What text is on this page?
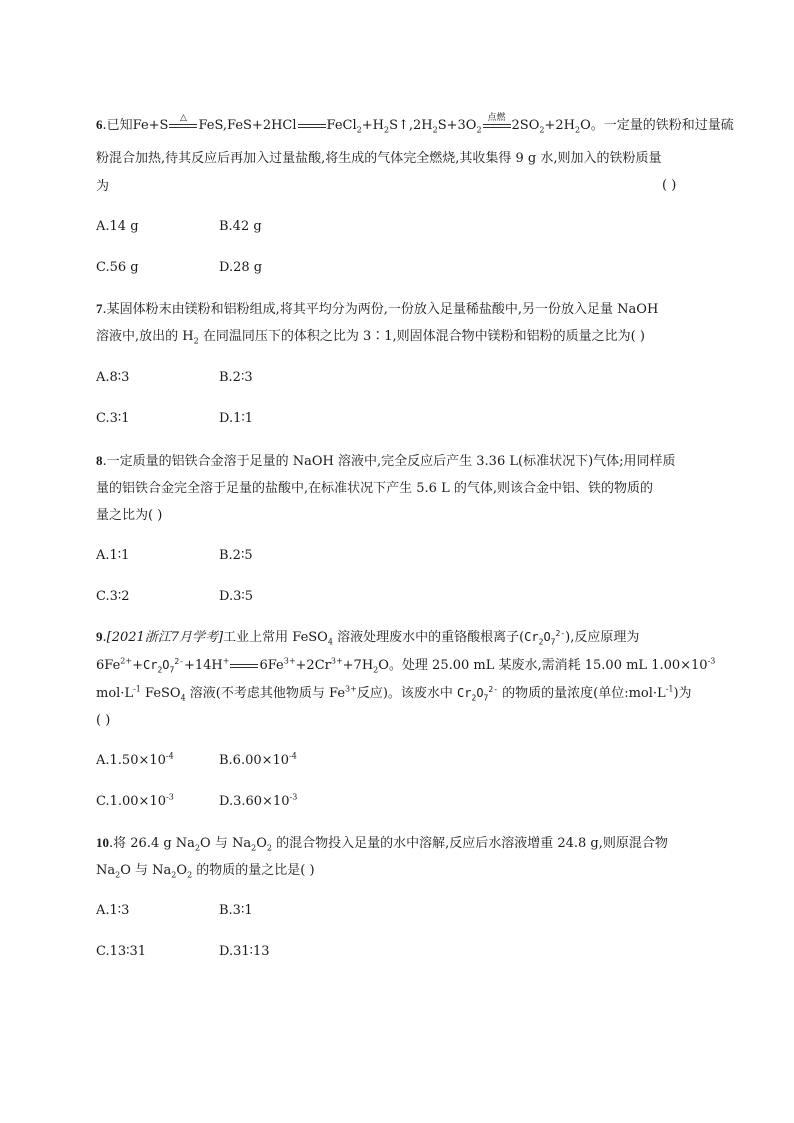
6.已知Fe+S
△
FeS,FeS+2HCl $FeCl_2+H_2S↑,2H_2S+3O_2$
点燃
$2SO_2+2H_2O$。一定量的铁粉和过量硫
粉混合加热,待其反应后再加入过量盐酸,将生成的气体完全燃烧,其收集得 9 g 水,则加入的铁粉质量
为	( )
A.14 g	B.42 g
C.56 g	D.28 g
7.某固体粉末由镁粉和铝粉组成,将其平均分为两份,一份放入足量稀盐酸中,另一份放入足量 NaOH
溶液中,放出的 $H_2$ 在同温同压下的体积之比为 3∶1,则固体混合物中镁粉和铝粉的质量之比为( )
A.8∶3	B.2∶3
C.3∶1	D.1∶1
8.一定质量的铝铁合金溶于足量的 NaOH 溶液中,完全反应后产生 3.36 L(标准状况下)气体;用同样质
量的铝铁合金完全溶于足量的盐酸中,在标准状况下产生 5.6 L 的气体,则该合金中铝、铁的物质的
量之比为( )
A.1∶1	B.2∶5
C.3∶2	D.3∶5
9.[2021浙江7月学考]工业上常用 FeSO$_4$ 溶液处理废水中的重铬酸根离子$(Cr_2O_7^{2-})$,反应原理为
$6Fe^{2+}+Cr_2O_7^{2-}+14H^+$ $6Fe^{3+}+2Cr^{3+}+7H_2O$。处理 25.00 mL 某废水,需消耗 15.00 mL $1.00\times 10^{-3}$
$mol\cdot L^{-1}$ FeSO$_4$ 溶液(不考虑其他物质与 $Fe^{3+}$反应)。该废水中 $Cr_2O_7^{2-}$ 的物质的量浓度(单位$:mol\cdot L^{-1}$)为
( )
$A.1.50\times 10^{-4}$	$B.6.00\times 10^{-4}$
$C.1.00\times 10^{-3}$	$D.3.60\times 10^{-3}$
10.将 26.4 g $Na_2O$ 与 $Na_2O_2$ 的混合物投入足量的水中溶解,反应后水溶液增重 24.8 g,则原混合物
$Na_2O$ 与 $Na_2O_2$ 的物质的量之比是( )
A.1∶3	B.3∶1
C.13∶31	D.31∶13
